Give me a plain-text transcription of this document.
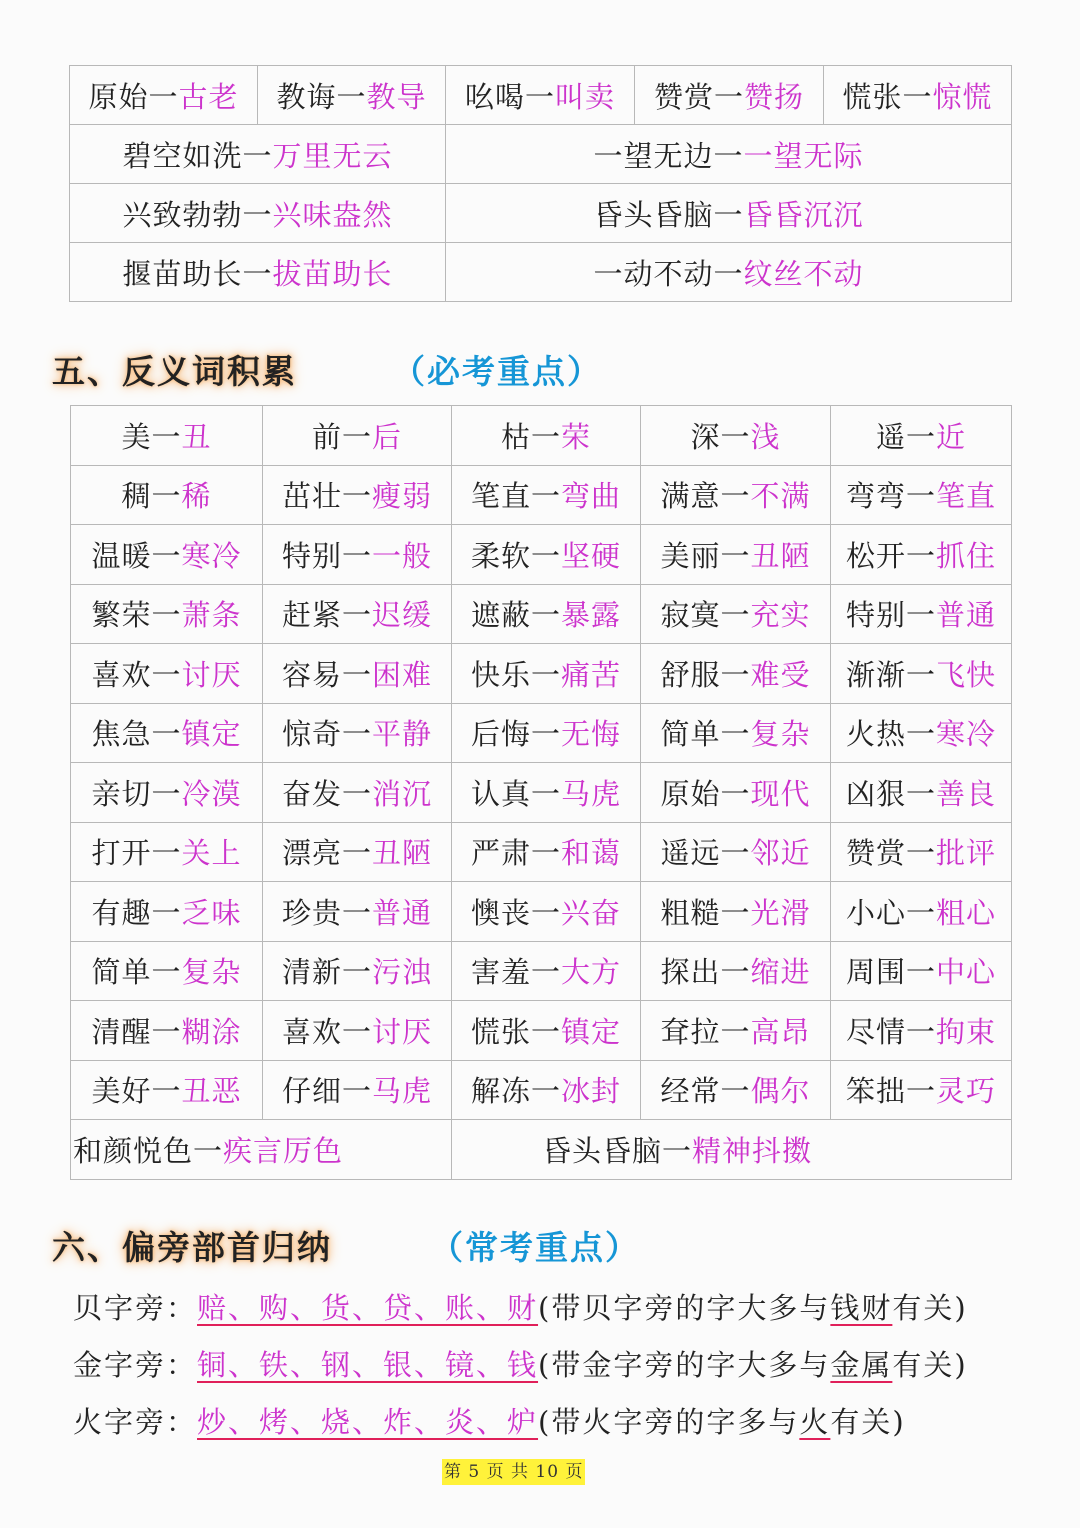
原始一古老	教诲一教导	吆喝一叫卖	赞赏一赞扬	慌张一惊慌
碧空如洗一万里无云		一望无边一一望无际		
兴致勃勃一兴味盎然		昏头昏脑一昏昏沉沉		
揠苗助长一拔苗助长		一动不动一纹丝不动		
五、反义词积累	（必考重点）
美一丑	前一后	枯一荣	深一浅	遥一近
稠一稀	茁壮一瘦弱	笔直一弯曲	满意一不满	弯弯一笔直
温暖一寒冷	特别一一般	柔软一坚硬	美丽一丑陋	松开一抓住
繁荣一萧条	赶紧一迟缓	遮蔽一暴露	寂寞一充实	特别一普通
喜欢一讨厌	容易一困难	快乐一痛苦	舒服一难受	渐渐一飞快
焦急一镇定	惊奇一平静	后悔一无悔	简单一复杂	火热一寒冷
亲切一冷漠	奋发一消沉	认真一马虎	原始一现代	凶狠一善良
打开一关上	漂亮一丑陋	严肃一和蔼	遥远一邻近	赞赏一批评
有趣一乏味	珍贵一普通	懊丧一兴奋	粗糙一光滑	小心一粗心
简单一复杂	清新一污浊	害羞一大方	探出一缩进	周围一中心
清醒一糊涂	喜欢一讨厌	慌张一镇定	耷拉一高昂	尽情一拘束
美好一丑恶	仔细一马虎	解冻一冰封	经常一偶尔	笨拙一灵巧
和颜悦色一疾言厉色		昏头昏脑一精神抖擞		
六、偏旁部首归纳	（常考重点）
贝字旁：赔、购、货、贷、账、财(带贝字旁的字大多与钱财有关)
金字旁：铜、铁、钢、银、镜、钱(带金字旁的字大多与金属有关)
火字旁：炒、烤、烧、炸、炎、炉(带火字旁的字多与火有关)
第 5 页 共 10 页
